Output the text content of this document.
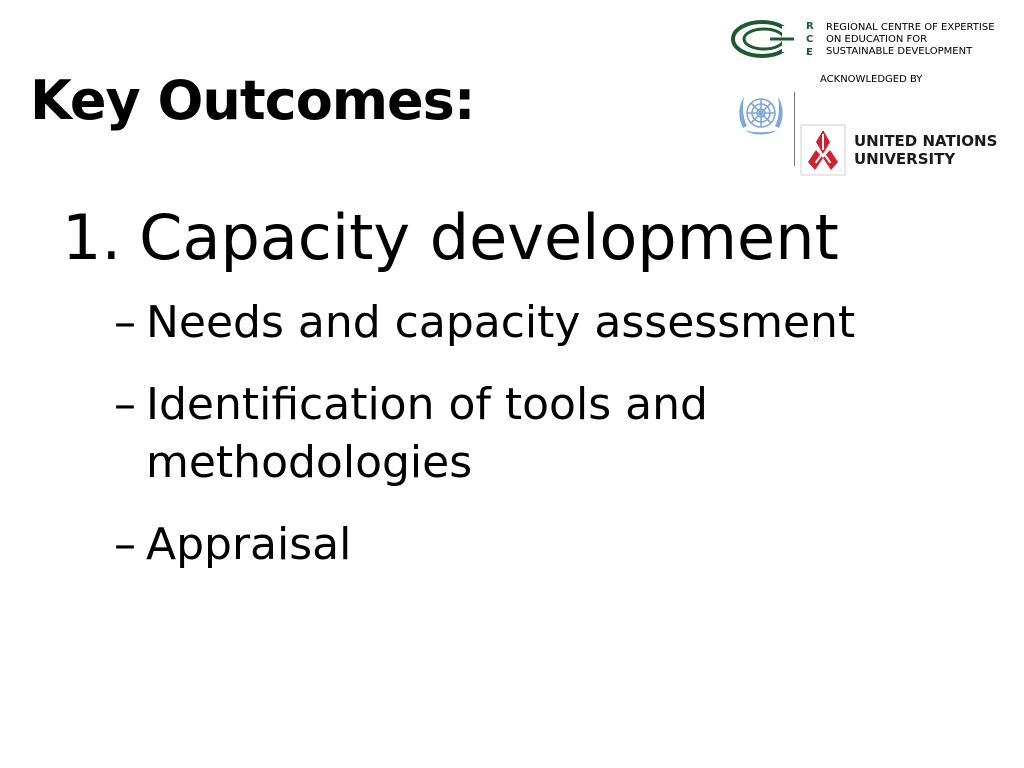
Key Outcomes:
1. Capacity development
– Needs and capacity assessment
– Identification of tools and methodologies
– Appraisal
R
C
E
REGIONAL CENTRE OF EXPERTISE
ON EDUCATION FOR
SUSTAINABLE DEVELOPMENT
ACKNOWLEDGED BY
UNITED NATIONS
UNIVERSITY
